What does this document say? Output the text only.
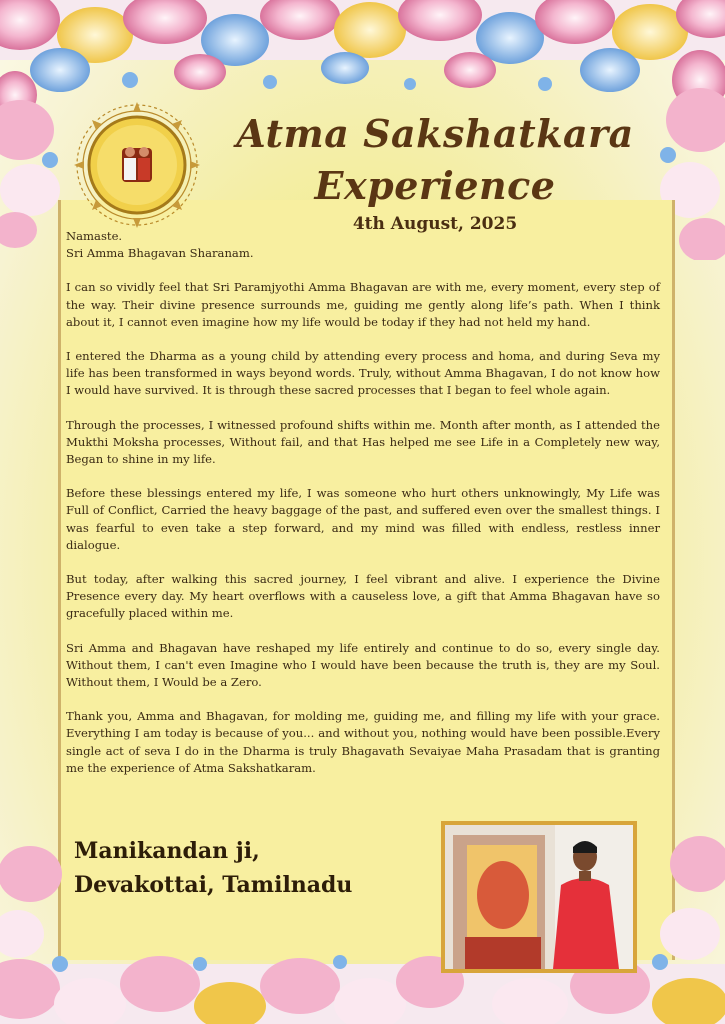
Atma Sakshatkara
Experience
4th August, 2025

Namaste.
Sri Amma Bhagavan Sharanam.

I can so vividly feel that Sri Paramjyothi Amma Bhagavan are with me, every moment, every step of the way. Their divine presence surrounds me, guiding me gently along life’s path. When I think about it, I cannot even imagine how my life would be today if they had not held my hand.

I entered the Dharma as a young child by attending every process and homa, and during Seva my life has been transformed in ways beyond words. Truly, without Amma Bhagavan, I do not know how I would have survived. It is through these sacred processes that I began to feel whole again.

Through the processes, I witnessed profound shifts within me. Month after month, as I attended the Mukthi Moksha processes, Without fail, and that Has helped me see Life in a Completely new way, Began to shine in my life.

Before these blessings entered my life, I was someone who hurt others unknowingly, My Life was Full of Conflict, Carried the heavy baggage of the past, and suffered even over the smallest things. I was fearful to even take a step forward, and my mind was filled with endless, restless inner dialogue.

But today, after walking this sacred journey, I feel vibrant and alive. I experience the Divine Presence every day. My heart overflows with a causeless love, a gift that Amma Bhagavan have so gracefully placed within me.

Sri Amma and Bhagavan have reshaped my life entirely and continue to do so, every single day. Without them, I can't even Imagine who I would have been because the truth is, they are my Soul. Without them, I Would be a Zero.

Thank you, Amma and Bhagavan, for molding me, guiding me, and filling my life with your grace. Everything I am today is because of you... and without you, nothing would have been possible.Every single act of seva I do in the Dharma is truly Bhagavath Sevaiyae Maha Prasadam that is granting me the experience of Atma Sakshatkaram.

Manikandan ji,
Devakottai, Tamilnadu
